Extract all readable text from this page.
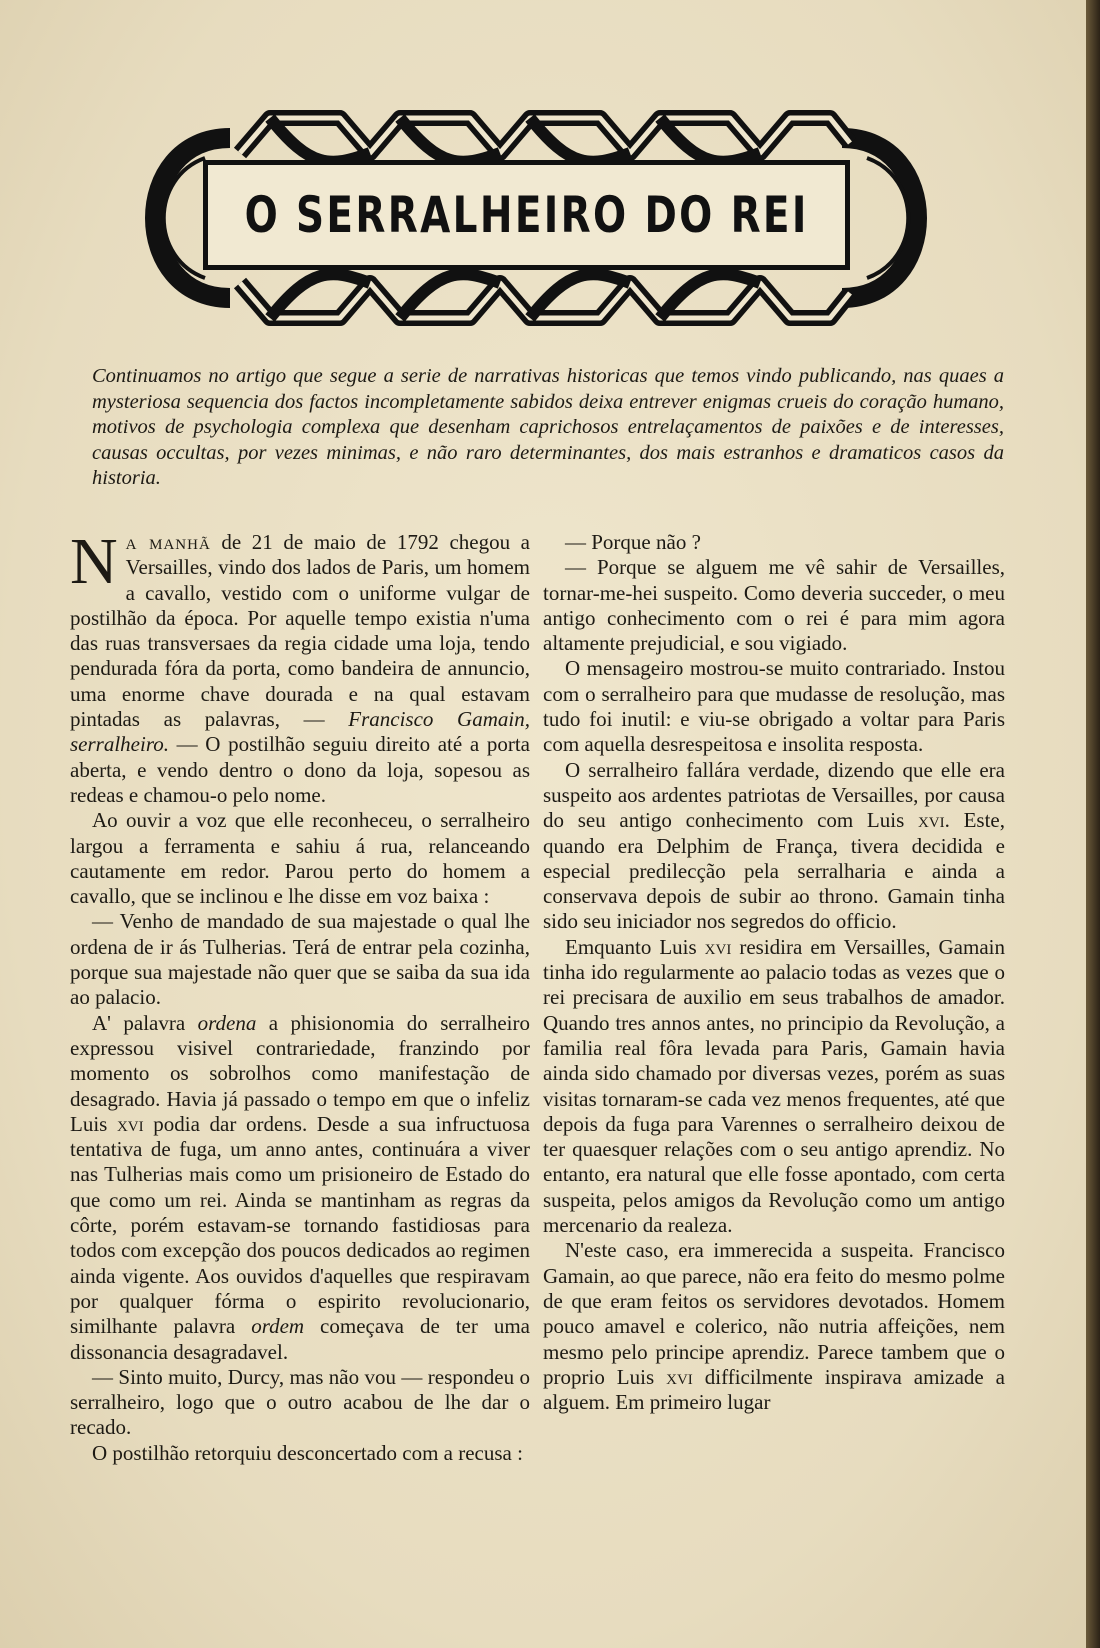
O SERRALHEIRO DO REI

Continuamos no artigo que segue a serie de narrativas historicas que temos vindo publicando, nas quaes a mysteriosa sequencia dos factos incompletamente sabidos deixa entrever enigmas crueis do coração humano, motivos de psychologia complexa que desenham caprichosos entrelaçamentos de paixões e de interesses, causas occultas, por vezes minimas, e não raro determinantes, dos mais estranhos e dramaticos casos da historia.

Na manhã de 21 de maio de 1792 chegou a Versailles, vindo dos lados de Paris, um homem a cavallo, vestido com o uniforme vulgar de postilhão da época. Por aquelle tempo existia n'uma das ruas transversaes da regia cidade uma loja, tendo pendurada fóra da porta, como bandeira de annuncio, uma enorme chave dourada e na qual estavam pintadas as palavras, — Francisco Gamain, serralheiro. — O postilhão seguiu direito até a porta aberta, e vendo dentro o dono da loja, sopesou as redeas e chamou-o pelo nome.

Ao ouvir a voz que elle reconheceu, o serralheiro largou a ferramenta e sahiu á rua, relanceando cautamente em redor. Parou perto do homem a cavallo, que se inclinou e lhe disse em voz baixa :

— Venho de mandado de sua majestade o qual lhe ordena de ir ás Tulherias. Terá de entrar pela cozinha, porque sua majestade não quer que se saiba da sua ida ao palacio.

A' palavra ordena a phisionomia do serralheiro expressou visivel contrariedade, franzindo por momento os sobrolhos como manifestação de desagrado. Havia já passado o tempo em que o infeliz Luis xvi podia dar ordens. Desde a sua infructuosa tentativa de fuga, um anno antes, continuára a viver nas Tulherias mais como um prisioneiro de Estado do que como um rei. Ainda se mantinham as regras da côrte, porém estavam-se tornando fastidiosas para todos com excepção dos poucos dedicados ao regimen ainda vigente. Aos ouvidos d'aquelles que respiravam por qualquer fórma o espirito revolucionario, similhante palavra ordem começava de ter uma dissonancia desagradavel.

— Sinto muito, Durcy, mas não vou — respondeu o serralheiro, logo que o outro acabou de lhe dar o recado.

O postilhão retorquiu desconcertado com a recusa :

— Porque não ?

— Porque se alguem me vê sahir de Versailles, tornar-me-hei suspeito. Como deveria succeder, o meu antigo conhecimento com o rei é para mim agora altamente prejudicial, e sou vigiado.

O mensageiro mostrou-se muito contrariado. Instou com o serralheiro para que mudasse de resolução, mas tudo foi inutil: e viu-se obrigado a voltar para Paris com aquella desrespeitosa e insolita resposta.

O serralheiro fallára verdade, dizendo que elle era suspeito aos ardentes patriotas de Versailles, por causa do seu antigo conhecimento com Luis xvi. Este, quando era Delphim de França, tivera decidida e especial predilecção pela serralharia e ainda a conservava depois de subir ao throno. Gamain tinha sido seu iniciador nos segredos do officio.

Emquanto Luis xvi residira em Versailles, Gamain tinha ido regularmente ao palacio todas as vezes que o rei precisara de auxilio em seus trabalhos de amador. Quando tres annos antes, no principio da Revolução, a familia real fôra levada para Paris, Gamain havia ainda sido chamado por diversas vezes, porém as suas visitas tornaram-se cada vez menos frequentes, até que depois da fuga para Varennes o serralheiro deixou de ter quaesquer relações com o seu antigo aprendiz. No entanto, era natural que elle fosse apontado, com certa suspeita, pelos amigos da Revolução como um antigo mercenario da realeza.

N'este caso, era immerecida a suspeita. Francisco Gamain, ao que parece, não era feito do mesmo polme de que eram feitos os servidores devotados. Homem pouco amavel e colerico, não nutria affeições, nem mesmo pelo principe aprendiz. Parece tambem que o proprio Luis xvi difficilmente inspirava amizade a alguem. Em primeiro lugar
